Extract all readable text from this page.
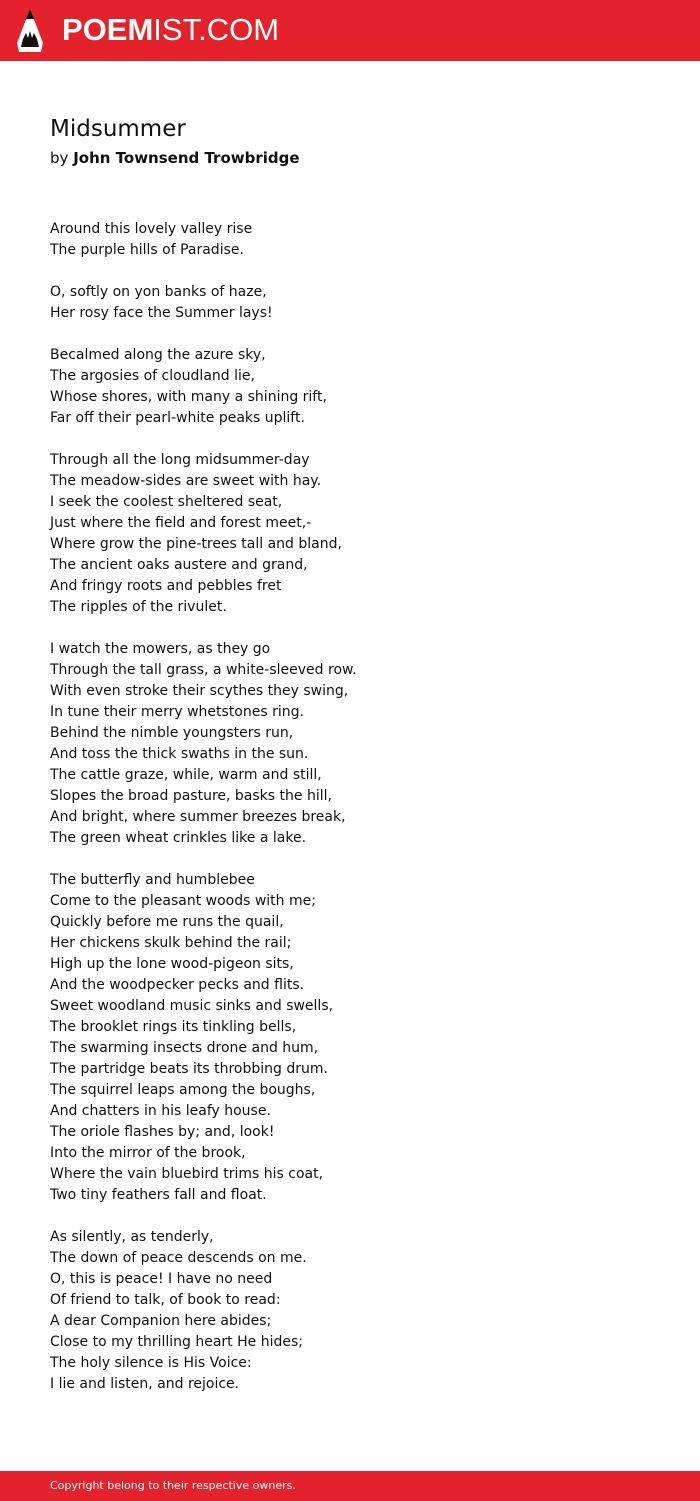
POEMIST.COM
Midsummer
by John Townsend Trowbridge
Around this lovely valley rise
The purple hills of Paradise.
O, softly on yon banks of haze,
Her rosy face the Summer lays!
Becalmed along the azure sky,
The argosies of cloudland lie,
Whose shores, with many a shining rift,
Far off their pearl-white peaks uplift.
Through all the long midsummer-day
The meadow-sides are sweet with hay.
I seek the coolest sheltered seat,
Just where the field and forest meet,-
Where grow the pine-trees tall and bland,
The ancient oaks austere and grand,
And fringy roots and pebbles fret
The ripples of the rivulet.
I watch the mowers, as they go
Through the tall grass, a white-sleeved row.
With even stroke their scythes they swing,
In tune their merry whetstones ring.
Behind the nimble youngsters run,
And toss the thick swaths in the sun.
The cattle graze, while, warm and still,
Slopes the broad pasture, basks the hill,
And bright, where summer breezes break,
The green wheat crinkles like a lake.
The butterfly and humblebee
Come to the pleasant woods with me;
Quickly before me runs the quail,
Her chickens skulk behind the rail;
High up the lone wood-pigeon sits,
And the woodpecker pecks and flits.
Sweet woodland music sinks and swells,
The brooklet rings its tinkling bells,
The swarming insects drone and hum,
The partridge beats its throbbing drum.
The squirrel leaps among the boughs,
And chatters in his leafy house.
The oriole flashes by; and, look!
Into the mirror of the brook,
Where the vain bluebird trims his coat,
Two tiny feathers fall and float.
As silently, as tenderly,
The down of peace descends on me.
O, this is peace! I have no need
Of friend to talk, of book to read:
A dear Companion here abides;
Close to my thrilling heart He hides;
The holy silence is His Voice:
I lie and listen, and rejoice.
Copyright belong to their respective owners.
